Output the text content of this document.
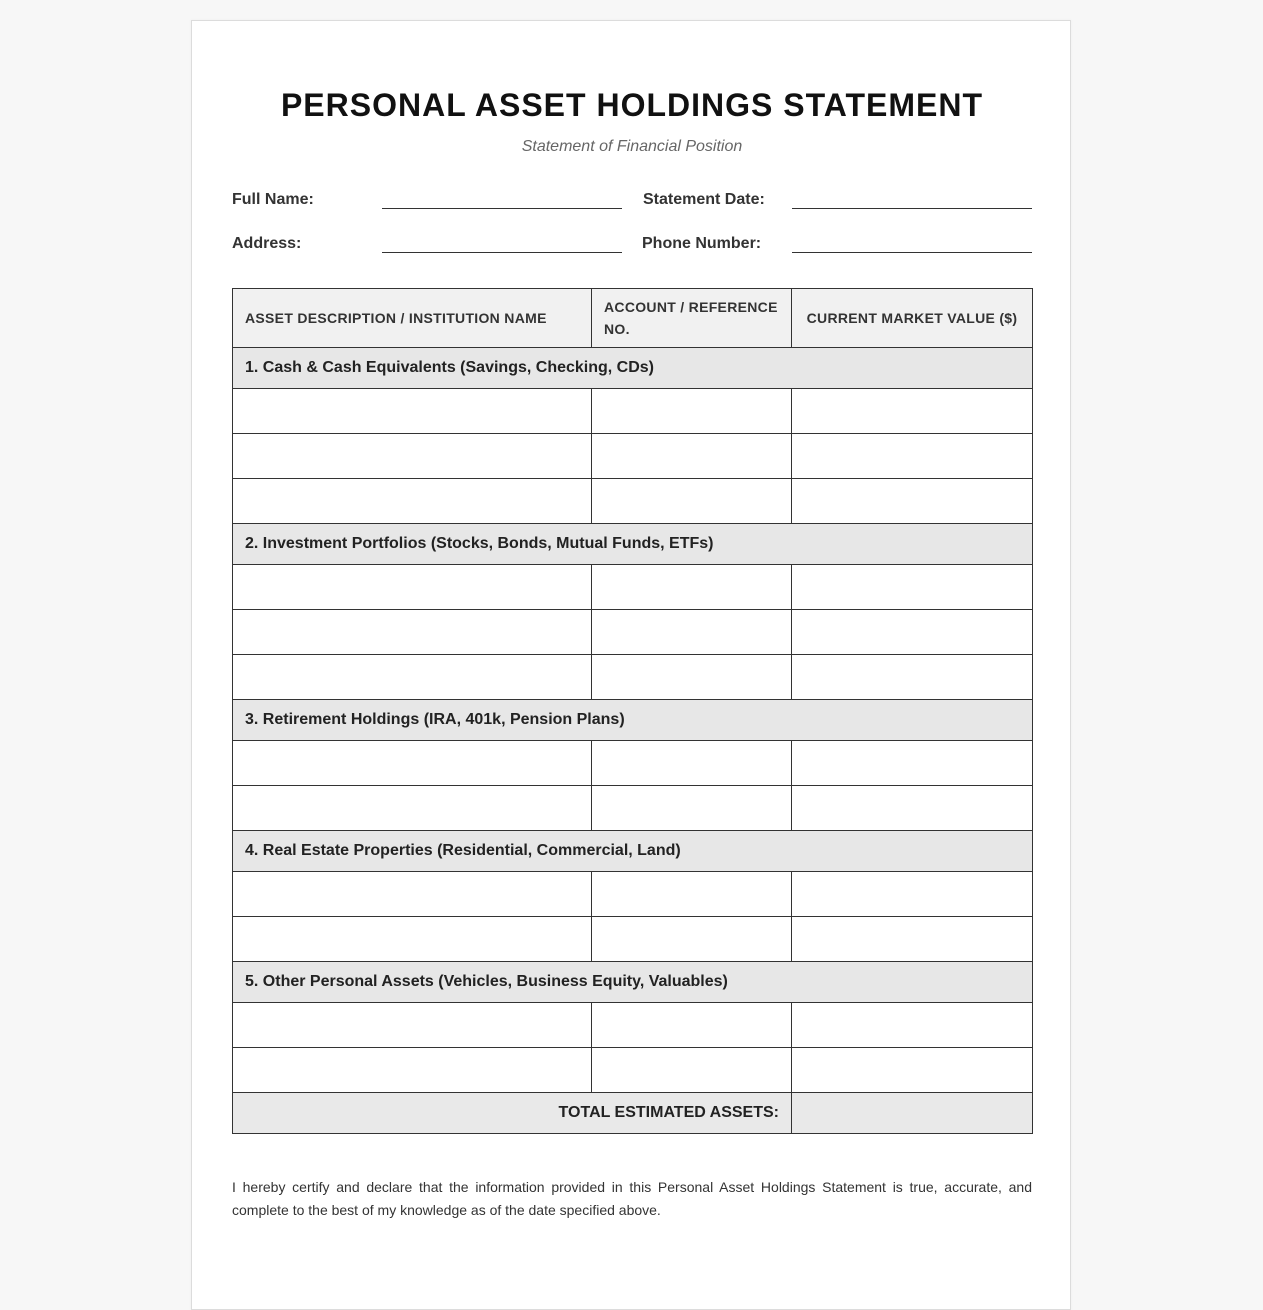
PERSONAL ASSET HOLDINGS STATEMENT
Statement of Financial Position
Full Name:	Statement Date:
Address:	Phone Number:
ASSET DESCRIPTION / INSTITUTION NAME	ACCOUNT / REFERENCE NO.	CURRENT MARKET VALUE ($)
1. Cash & Cash Equivalents (Savings, Checking, CDs)		

2. Investment Portfolios (Stocks, Bonds, Mutual Funds, ETFs)		

3. Retirement Holdings (IRA, 401k, Pension Plans)		

4. Real Estate Properties (Residential, Commercial, Land)		

5. Other Personal Assets (Vehicles, Business Equity, Valuables)		

TOTAL ESTIMATED ASSETS:		

I hereby certify and declare that the information provided in this Personal Asset Holdings Statement is true, accurate, and complete to the best of my knowledge as of the date specified above.
